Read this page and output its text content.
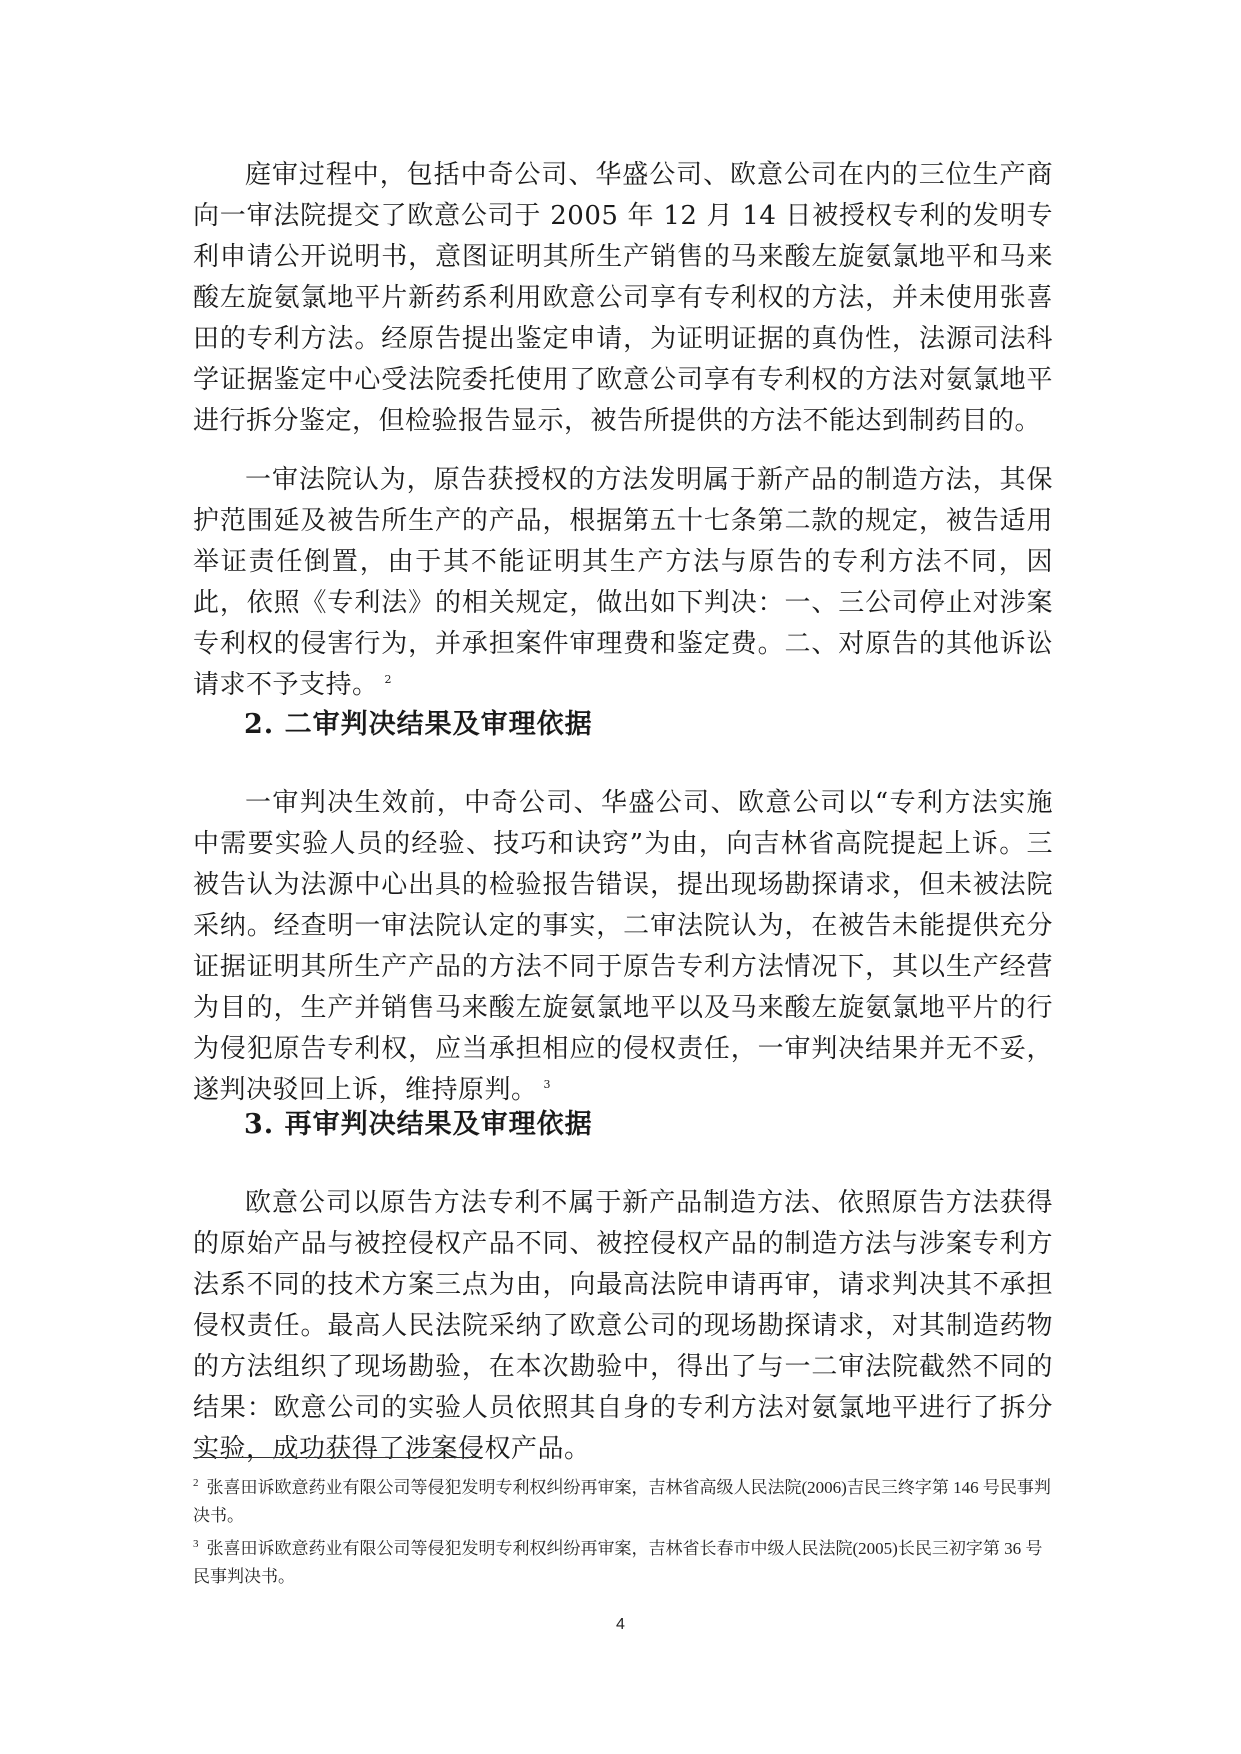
庭审过程中，包括中奇公司、华盛公司、欧意公司在内的三位生产商向一审法院提交了欧意公司于 2005 年 12 月 14 日被授权专利的发明专利申请公开说明书，意图证明其所生产销售的马来酸左旋氨氯地平和马来酸左旋氨氯地平片新药系利用欧意公司享有专利权的方法，并未使用张喜田的专利方法。经原告提出鉴定申请，为证明证据的真伪性，法源司法科学证据鉴定中心受法院委托使用了欧意公司享有专利权的方法对氨氯地平进行拆分鉴定，但检验报告显示，被告所提供的方法不能达到制药目的。

一审法院认为，原告获授权的方法发明属于新产品的制造方法，其保护范围延及被告所生产的产品，根据第五十七条第二款的规定，被告适用举证责任倒置，由于其不能证明其生产方法与原告的专利方法不同，因此，依照《专利法》的相关规定，做出如下判决：一、三公司停止对涉案专利权的侵害行为，并承担案件审理费和鉴定费。二、对原告的其他诉讼请求不予支持。 $^2$

2. 二审判决结果及审理依据

一审判决生效前，中奇公司、华盛公司、欧意公司以“专利方法实施中需要实验人员的经验、技巧和诀窍”为由，向吉林省高院提起上诉。三被告认为法源中心出具的检验报告错误，提出现场勘探请求，但未被法院采纳。经查明一审法院认定的事实，二审法院认为，在被告未能提供充分证据证明其所生产产品的方法不同于原告专利方法情况下，其以生产经营为目的，生产并销售马来酸左旋氨氯地平以及马来酸左旋氨氯地平片的行为侵犯原告专利权，应当承担相应的侵权责任，一审判决结果并无不妥，遂判决驳回上诉，维持原判。 $^3$

3. 再审判决结果及审理依据

欧意公司以原告方法专利不属于新产品制造方法、依照原告方法获得的原始产品与被控侵权产品不同、被控侵权产品的制造方法与涉案专利方法系不同的技术方案三点为由，向最高法院申请再审，请求判决其不承担侵权责任。最高人民法院采纳了欧意公司的现场勘探请求，对其制造药物的方法组织了现场勘验，在本次勘验中，得出了与一二审法院截然不同的结果：欧意公司的实验人员依照其自身的专利方法对氨氯地平进行了拆分实验，成功获得了涉案侵权产品。

$^2$ 张喜田诉欧意药业有限公司等侵犯发明专利权纠纷再审案，吉林省高级人民法院(2006)吉民三终字第 146 号民事判决书。

$^3$ 张喜田诉欧意药业有限公司等侵犯发明专利权纠纷再审案，吉林省长春市中级人民法院(2005)长民三初字第 36 号民事判决书。

4
